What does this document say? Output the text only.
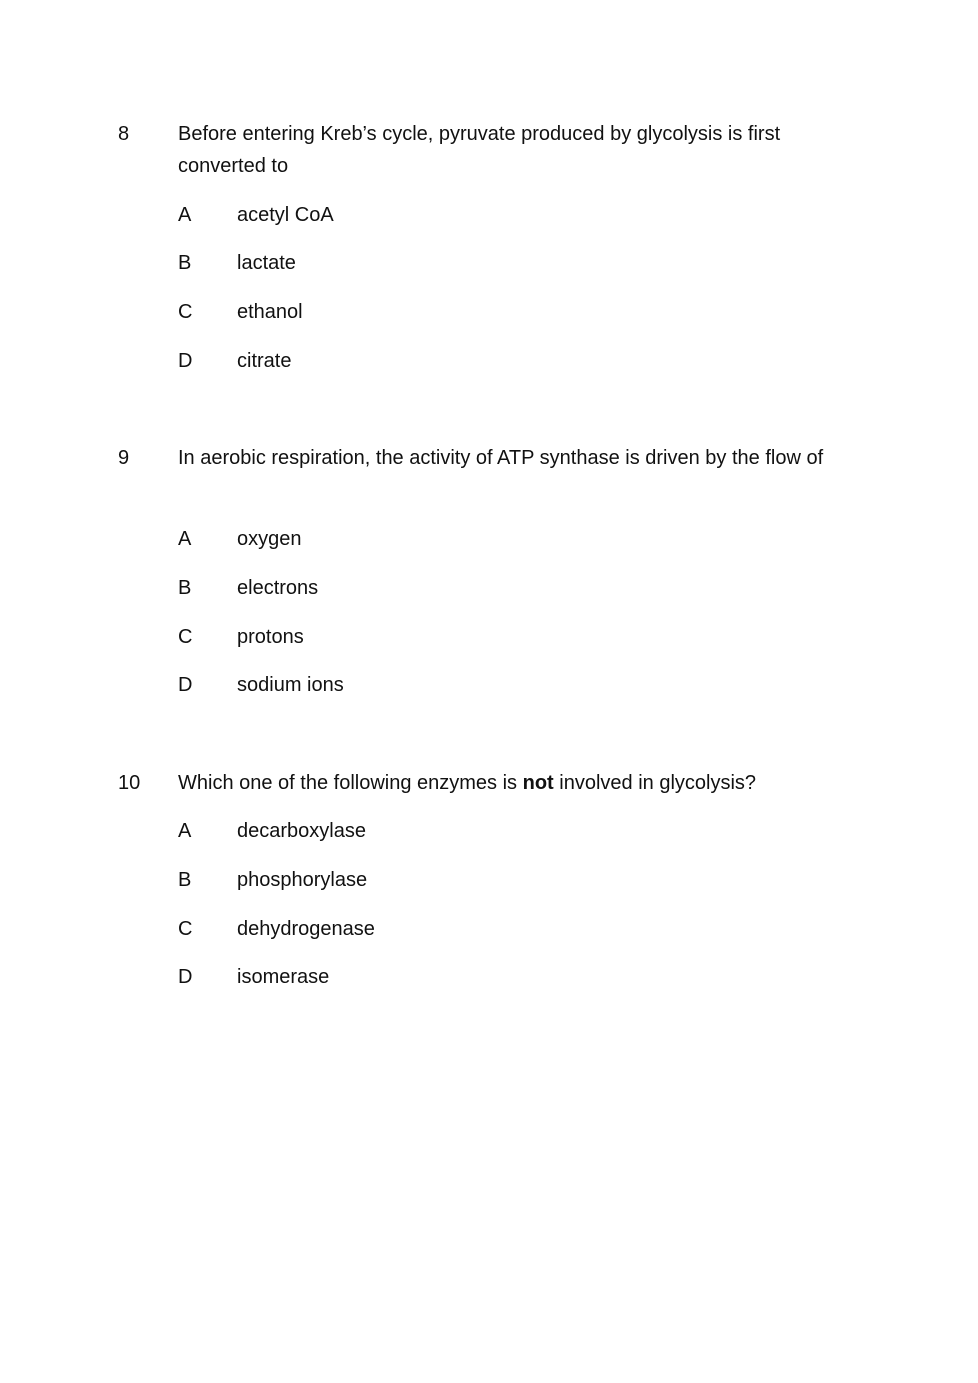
8 Before entering Kreb’s cycle, pyruvate produced by glycolysis is first converted to
A acetyl CoA
B lactate
C ethanol
D citrate
9 In aerobic respiration, the activity of ATP synthase is driven by the flow of
A oxygen
B electrons
C protons
D sodium ions
10 Which one of the following enzymes is not involved in glycolysis?
A decarboxylase
B phosphorylase
C dehydrogenase
D isomerase
